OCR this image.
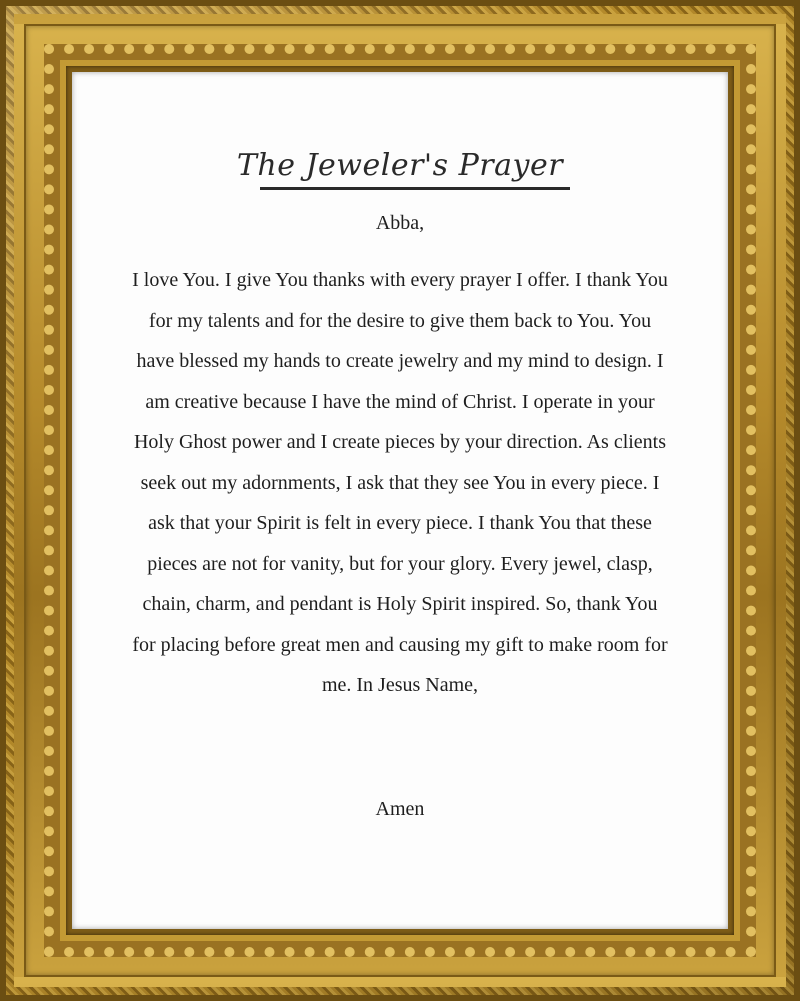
The Jeweler's Prayer
Abba,
I love You. I give You thanks with every prayer I offer. I thank You for my talents and for the desire to give them back to You. You have blessed my hands to create jewelry and my mind to design. I am creative because I have the mind of Christ. I operate in your Holy Ghost power and I create pieces by your direction. As clients seek out my adornments, I ask that they see You in every piece. I ask that your Spirit is felt in every piece. I thank You that these pieces are not for vanity, but for your glory. Every jewel, clasp, chain, charm, and pendant is Holy Spirit inspired. So, thank You for placing before great men and causing my gift to make room for me. In Jesus Name,
Amen
